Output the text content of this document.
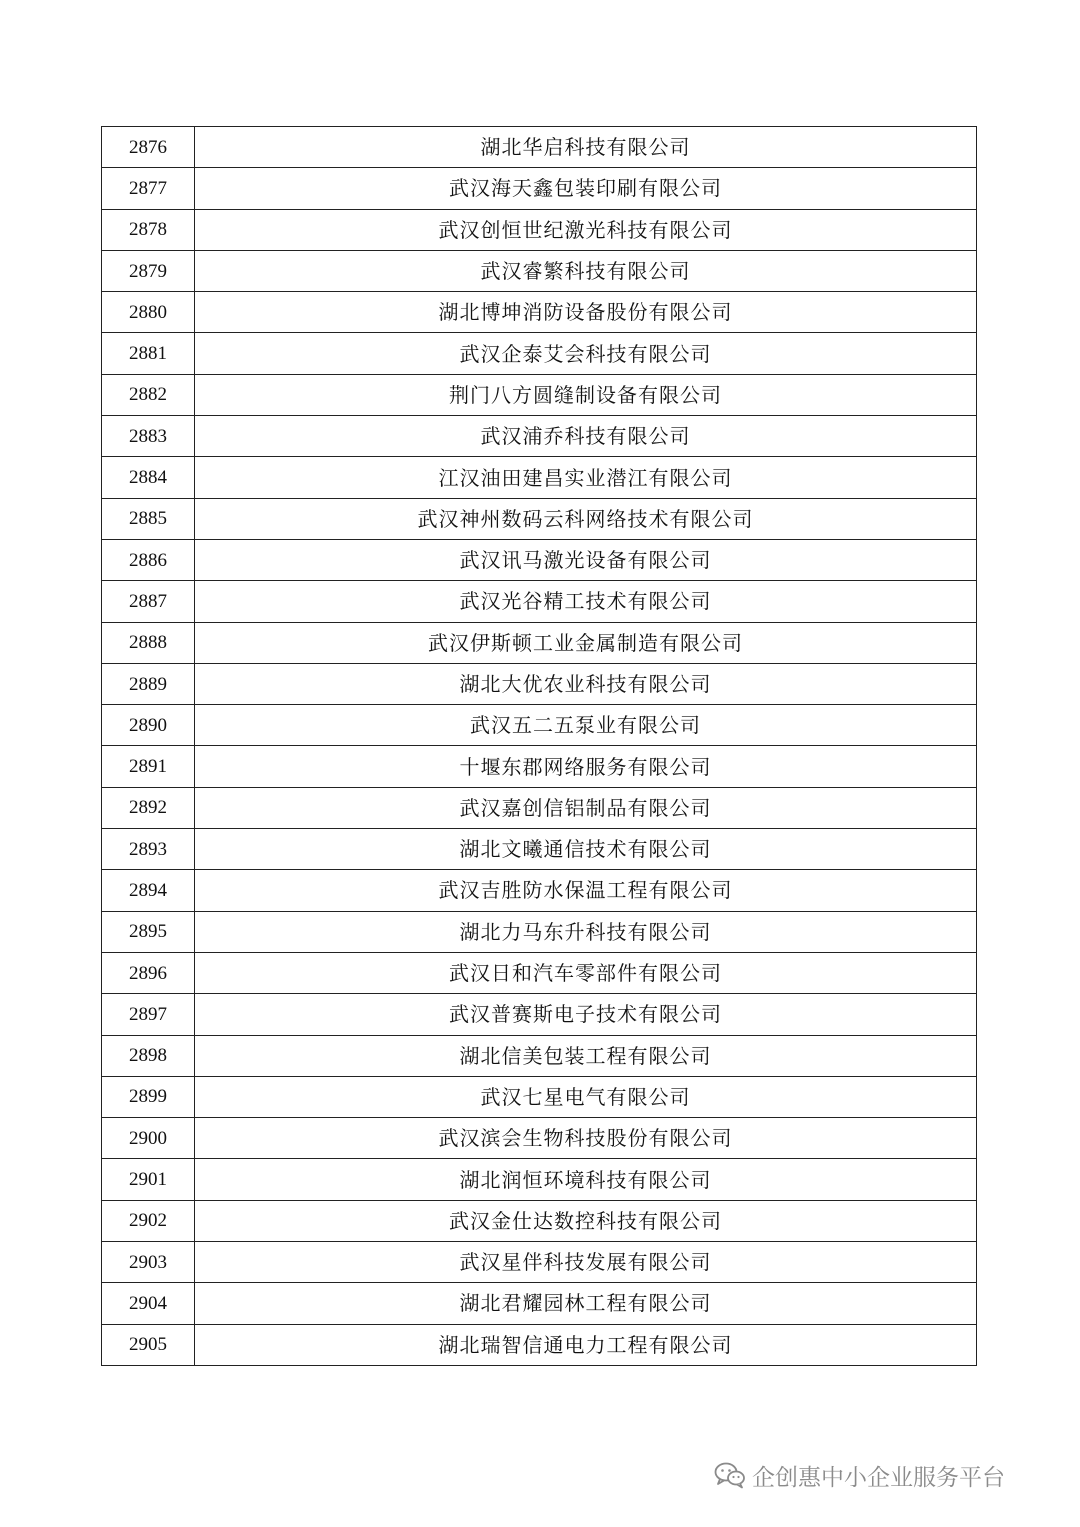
2876	湖北华启科技有限公司
2877	武汉海天鑫包装印刷有限公司
2878	武汉创恒世纪激光科技有限公司
2879	武汉睿繁科技有限公司
2880	湖北博坤消防设备股份有限公司
2881	武汉企泰艾会科技有限公司
2882	荆门八方圆缝制设备有限公司
2883	武汉浦乔科技有限公司
2884	江汉油田建昌实业潜江有限公司
2885	武汉神州数码云科网络技术有限公司
2886	武汉讯马激光设备有限公司
2887	武汉光谷精工技术有限公司
2888	武汉伊斯顿工业金属制造有限公司
2889	湖北大优农业科技有限公司
2890	武汉五二五泵业有限公司
2891	十堰东郡网络服务有限公司
2892	武汉嘉创信铝制品有限公司
2893	湖北文曦通信技术有限公司
2894	武汉吉胜防水保温工程有限公司
2895	湖北力马东升科技有限公司
2896	武汉日和汽车零部件有限公司
2897	武汉普赛斯电子技术有限公司
2898	湖北信美包装工程有限公司
2899	武汉七星电气有限公司
2900	武汉滨会生物科技股份有限公司
2901	湖北润恒环境科技有限公司
2902	武汉金仕达数控科技有限公司
2903	武汉星伴科技发展有限公司
2904	湖北君耀园林工程有限公司
2905	湖北瑞智信通电力工程有限公司
企创惠中小企业服务平台
